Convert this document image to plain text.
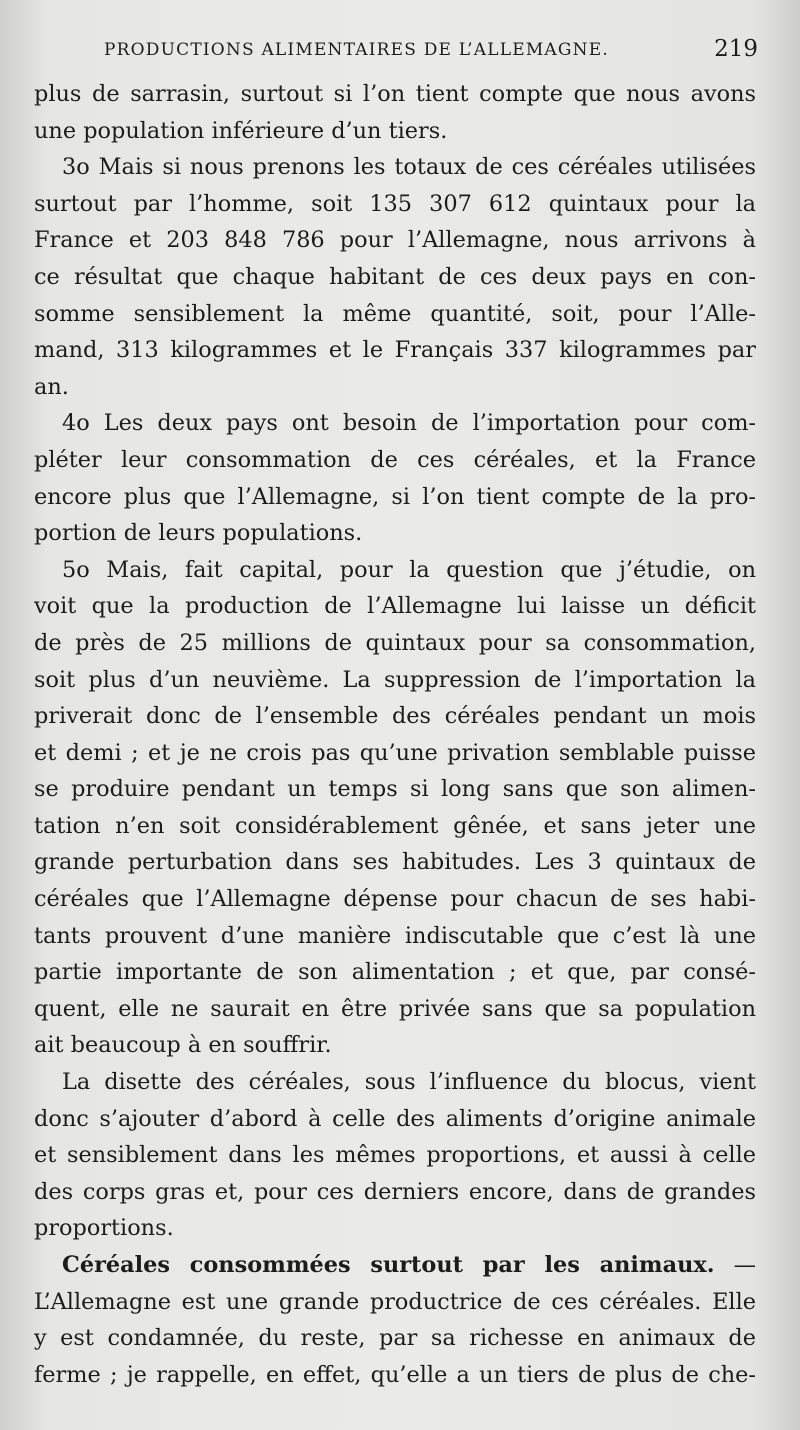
PRODUCTIONS ALIMENTAIRES DE L’ALLEMAGNE.	219
plus de sarrasin, surtout si l’on tient compte que nous avons
une population inférieure d’un tiers.
3o Mais si nous prenons les totaux de ces céréales utilisées
surtout par l’homme, soit 135 307 612 quintaux pour la
France et 203 848 786 pour l’Allemagne, nous arrivons à
ce résultat que chaque habitant de ces deux pays en con-
somme sensiblement la même quantité, soit, pour l’Alle-
mand, 313 kilogrammes et le Français 337 kilogrammes par
an.
4o Les deux pays ont besoin de l’importation pour com-
pléter leur consommation de ces céréales, et la France
encore plus que l’Allemagne, si l’on tient compte de la pro-
portion de leurs populations.
5o Mais, fait capital, pour la question que j’étudie, on
voit que la production de l’Allemagne lui laisse un déficit
de près de 25 millions de quintaux pour sa consommation,
soit plus d’un neuvième. La suppression de l’importation la
priverait donc de l’ensemble des céréales pendant un mois
et demi ; et je ne crois pas qu’une privation semblable puisse
se produire pendant un temps si long sans que son alimen-
tation n’en soit considérablement gênée, et sans jeter une
grande perturbation dans ses habitudes. Les 3 quintaux de
céréales que l’Allemagne dépense pour chacun de ses habi-
tants prouvent d’une manière indiscutable que c’est là une
partie importante de son alimentation ; et que, par consé-
quent, elle ne saurait en être privée sans que sa population
ait beaucoup à en souffrir.
La disette des céréales, sous l’influence du blocus, vient
donc s’ajouter d’abord à celle des aliments d’origine animale
et sensiblement dans les mêmes proportions, et aussi à celle
des corps gras et, pour ces derniers encore, dans de grandes
proportions.
Céréales consommées surtout par les animaux. —
L’Allemagne est une grande productrice de ces céréales. Elle
y est condamnée, du reste, par sa richesse en animaux de
ferme ; je rappelle, en effet, qu’elle a un tiers de plus de che-
